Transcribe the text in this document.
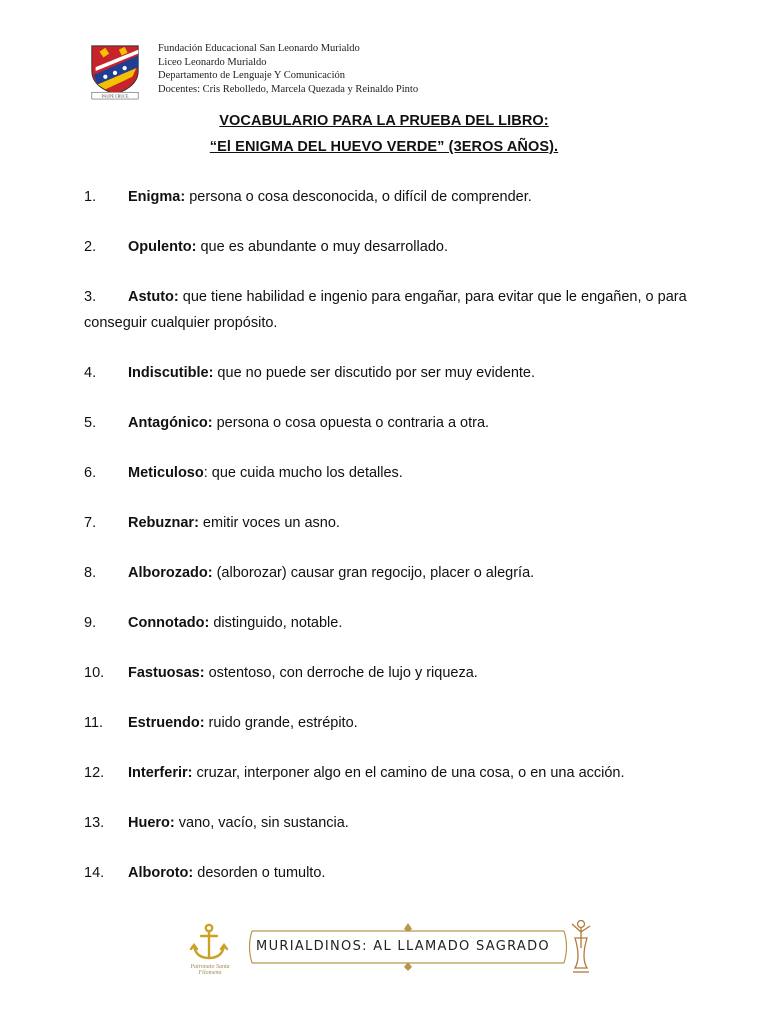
PAUPE CRUCE
Fundación Educacional San Leonardo Murialdo
Liceo Leonardo Murialdo
Departamento de Lenguaje Y Comunicación
Docentes: Cris Rebolledo, Marcela Quezada y Reinaldo Pinto
VOCABULARIO PARA LA PRUEBA DEL LIBRO:
“El ENIGMA DEL HUEVO VERDE” (3EROS AÑOS).
1.	Enigma: persona o cosa desconocida, o difícil de comprender.
2.	Opulento: que es abundante o muy desarrollado.
3.	Astuto: que tiene habilidad e ingenio para engañar, para evitar que le engañen, o para conseguir cualquier propósito.
4.	Indiscutible: que no puede ser discutido por ser muy evidente.
5.	Antagónico: persona o cosa opuesta o contraria a otra.
6.	Meticuloso: que cuida mucho los detalles.
7.	Rebuznar: emitir voces un asno.
8.	Alborozado: (alborozar) causar gran regocijo, placer o alegría.
9.	Connotado: distinguido, notable.
10.	Fastuosas: ostentoso, con derroche de lujo y riqueza.
11.	Estruendo: ruido grande, estrépito.
12.	Interferir: cruzar, interponer algo en el camino de una cosa, o en una acción.
13.	Huero: vano, vacío, sin sustancia.
14.	Alboroto: desorden o tumulto.
Patronato Santa Filomena
MURIALDINOS: AL LLAMADO SAGRADO
